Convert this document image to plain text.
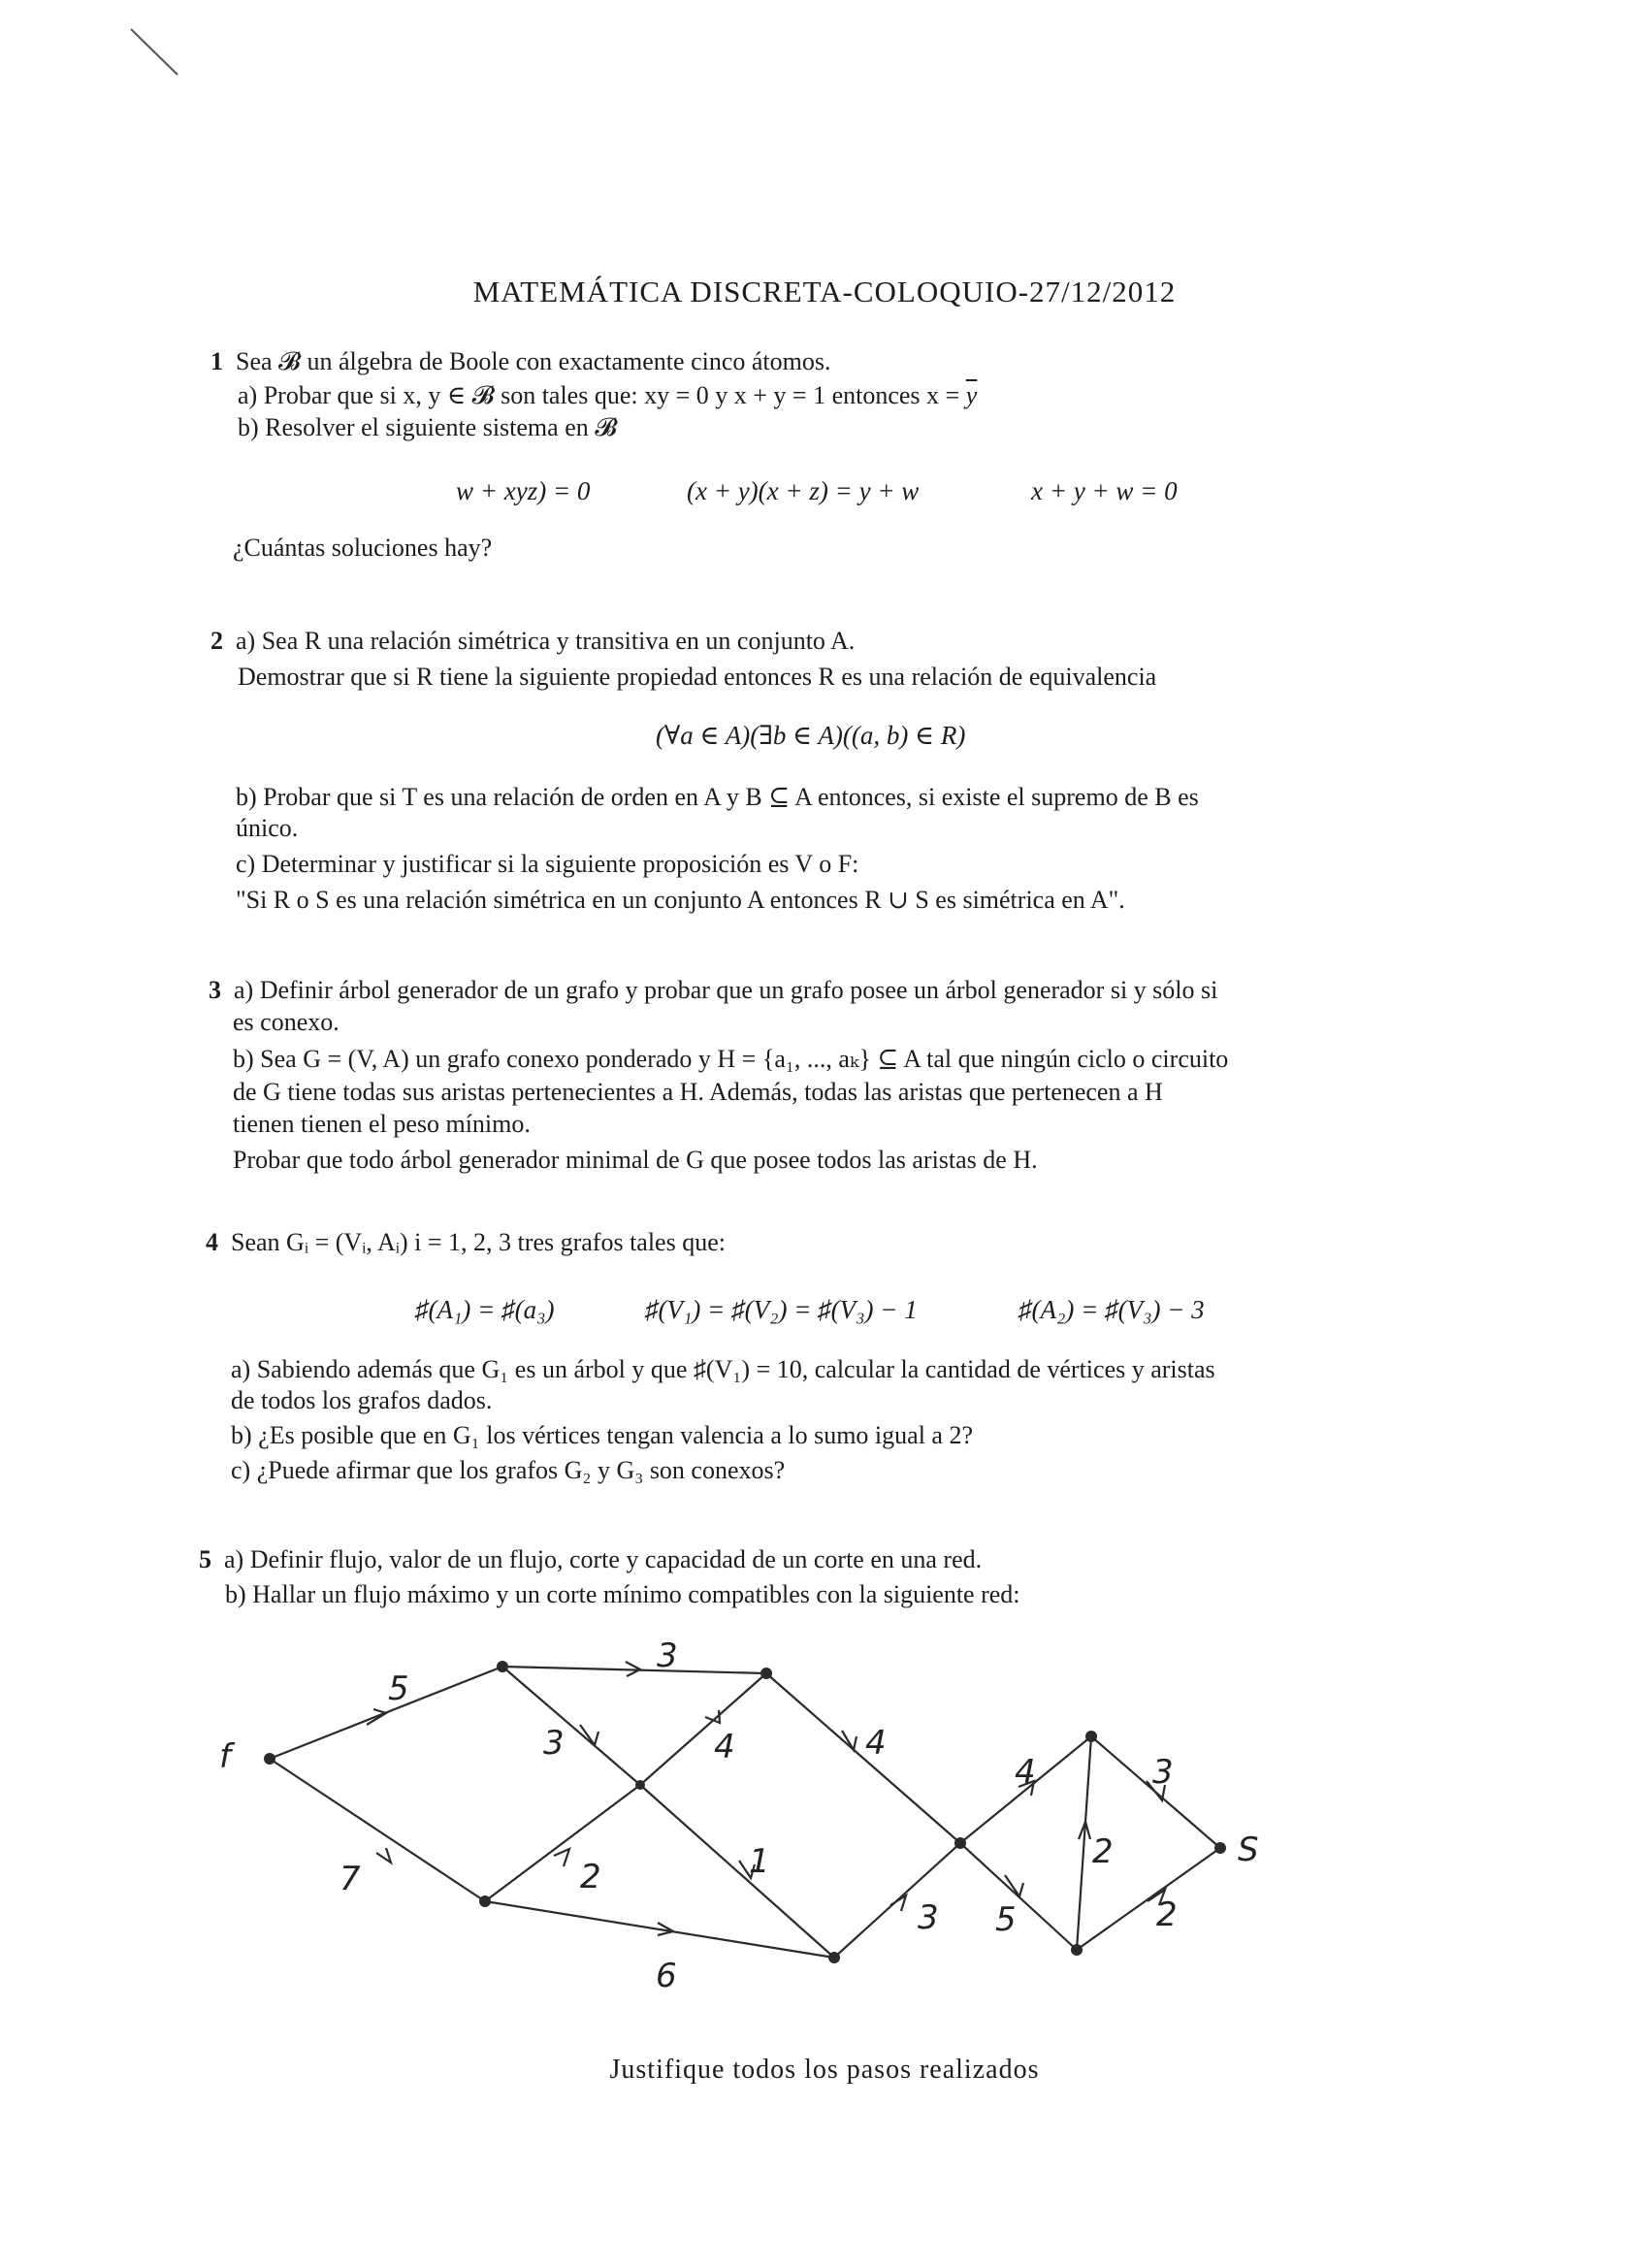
MATEMÁTICA DISCRETA-COLOQUIO-27/12/2012
1 Sea 𝓑 un álgebra de Boole con exactamente cinco átomos.
a) Probar que si x, y ∈ 𝓑 son tales que: xy = 0 y x + y = 1 entonces $x = \overline{y}$
b) Resolver el siguiente sistema en 𝓑
w + xyz) = 0	(x + y)(x + z) = y + w	x + y + w = 0
¿Cuántas soluciones hay?
2 a) Sea R una relación simétrica y transitiva en un conjunto A.
Demostrar que si R tiene la siguiente propiedad entonces R es una relación de equivalencia
(∀a ∈ A)(∃b ∈ A)((a, b) ∈ R)
b) Probar que si T es una relación de orden en A y B ⊆ A entonces, si existe el supremo de B es
único.
c) Determinar y justificar si la siguiente proposición es V o F:
"Si R o S es una relación simétrica en un conjunto A entonces R ∪ S es simétrica en A".
3 a) Definir árbol generador de un grafo y probar que un grafo posee un árbol generador si y sólo si
es conexo.
b) Sea G = (V, A) un grafo conexo ponderado y H = {a₁, ..., aₖ} ⊆ A tal que ningún ciclo o circuito
de G tiene todas sus aristas pertenecientes a H. Además, todas las aristas que pertenecen a H
tienen tienen el peso mínimo.
Probar que todo árbol generador minimal de G que posee todos las aristas de H.
4 Sean Gᵢ = (Vᵢ, Aᵢ) i = 1, 2, 3 tres grafos tales que:
♯(A₁) = ♯(a₃)	♯(V₁) = ♯(V₂) = ♯(V₃) − 1	♯(A₂) = ♯(V₃) − 3
a) Sabiendo además que G₁ es un árbol y que ♯(V₁) = 10, calcular la cantidad de vértices y aristas
de todos los grafos dados.
b) ¿Es posible que en G₁ los vértices tengan valencia a lo sumo igual a 2?
c) ¿Puede afirmar que los grafos G₂ y G₃ son conexos?
5 a) Definir flujo, valor de un flujo, corte y capacidad de un corte en una red.
b) Hallar un flujo máximo y un corte mínimo compatibles con la siguiente red:
f
S
5
7
3
3	4	4
1
2
6
4
3 5
2
3
2
Justifique todos los pasos realizados
